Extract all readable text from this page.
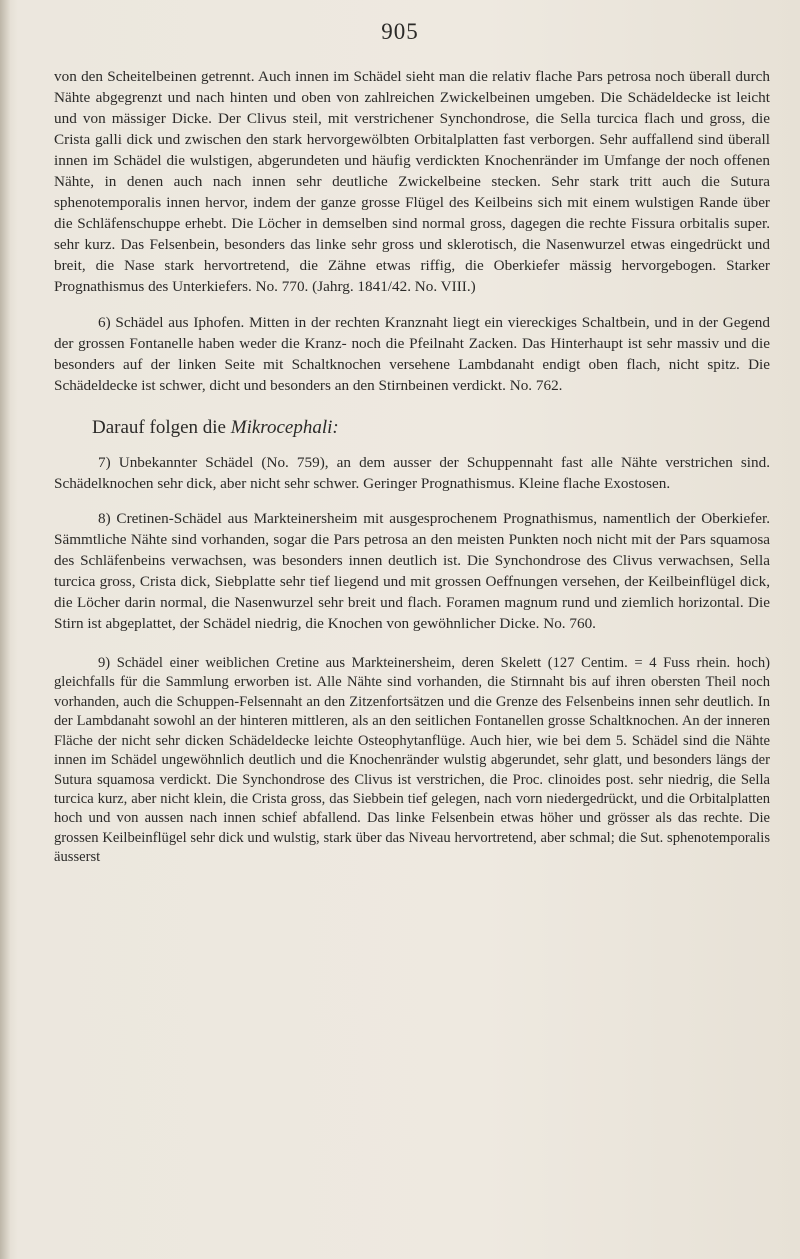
905

von den Scheitelbeinen getrennt. Auch innen im Schädel sieht man die relativ flache Pars petrosa noch überall durch Nähte abgegrenzt und nach hinten und oben von zahlreichen Zwickelbeinen umgeben. Die Schädeldecke ist leicht und von mässiger Dicke. Der Clivus steil, mit verstrichener Synchondrose, die Sella turcica flach und gross, die Crista galli dick und zwischen den stark hervorgewölbten Orbitalplatten fast verborgen. Sehr auffallend sind überall innen im Schädel die wulstigen, abgerundeten und häufig verdickten Knochenränder im Umfange der noch offenen Nähte, in denen auch nach innen sehr deutliche Zwickelbeine stecken. Sehr stark tritt auch die Sutura sphenotemporalis innen hervor, indem der ganze grosse Flügel des Keilbeins sich mit einem wulstigen Rande über die Schläfenschuppe erhebt. Die Löcher in demselben sind normal gross, dagegen die rechte Fissura orbitalis super. sehr kurz. Das Felsenbein, besonders das linke sehr gross und sklerotisch, die Nasenwurzel etwas eingedrückt und breit, die Nase stark hervortretend, die Zähne etwas riffig, die Oberkiefer mässig hervorgebogen. Starker Prognathismus des Unterkiefers. No. 770. (Jahrg. 1841/42. No. VIII.)

6) Schädel aus Iphofen. Mitten in der rechten Kranznaht liegt ein viereckiges Schaltbein, und in der Gegend der grossen Fontanelle haben weder die Kranz- noch die Pfeilnaht Zacken. Das Hinterhaupt ist sehr massiv und die besonders auf der linken Seite mit Schaltknochen versehene Lambdanaht endigt oben flach, nicht spitz. Die Schädeldecke ist schwer, dicht und besonders an den Stirnbeinen verdickt. No. 762.

Darauf folgen die Mikrocephali:

7) Unbekannter Schädel (No. 759), an dem ausser der Schuppennaht fast alle Nähte verstrichen sind. Schädelknochen sehr dick, aber nicht sehr schwer. Geringer Prognathismus. Kleine flache Exostosen.

8) Cretinen-Schädel aus Markteinersheim mit ausgesprochenem Prognathismus, namentlich der Oberkiefer. Sämmtliche Nähte sind vorhanden, sogar die Pars petrosa an den meisten Punkten noch nicht mit der Pars squamosa des Schläfenbeins verwachsen, was besonders innen deutlich ist. Die Synchondrose des Clivus verwachsen, Sella turcica gross, Crista dick, Siebplatte sehr tief liegend und mit grossen Oeffnungen versehen, der Keilbeinflügel dick, die Löcher darin normal, die Nasenwurzel sehr breit und flach. Foramen magnum rund und ziemlich horizontal. Die Stirn ist abgeplattet, der Schädel niedrig, die Knochen von gewöhnlicher Dicke. No. 760.

9) Schädel einer weiblichen Cretine aus Markteinersheim, deren Skelett (127 Centim. = 4 Fuss rhein. hoch) gleichfalls für die Sammlung erworben ist. Alle Nähte sind vorhanden, die Stirnnaht bis auf ihren obersten Theil noch vorhanden, auch die Schuppen-Felsennaht an den Zitzenfortsätzen und die Grenze des Felsenbeins innen sehr deutlich. In der Lambdanaht sowohl an der hinteren mittleren, als an den seitlichen Fontanellen grosse Schaltknochen. An der inneren Fläche der nicht sehr dicken Schädeldecke leichte Osteophytanflüge. Auch hier, wie bei dem 5. Schädel sind die Nähte innen im Schädel ungewöhnlich deutlich und die Knochenränder wulstig abgerundet, sehr glatt, und besonders längs der Sutura squamosa verdickt. Die Synchondrose des Clivus ist verstrichen, die Proc. clinoides post. sehr niedrig, die Sella turcica kurz, aber nicht klein, die Crista gross, das Siebbein tief gelegen, nach vorn niedergedrückt, und die Orbitalplatten hoch und von aussen nach innen schief abfallend. Das linke Felsenbein etwas höher und grösser als das rechte. Die grossen Keilbeinflügel sehr dick und wulstig, stark über das Niveau hervortretend, aber schmal; die Sut. sphenotemporalis äusserst
